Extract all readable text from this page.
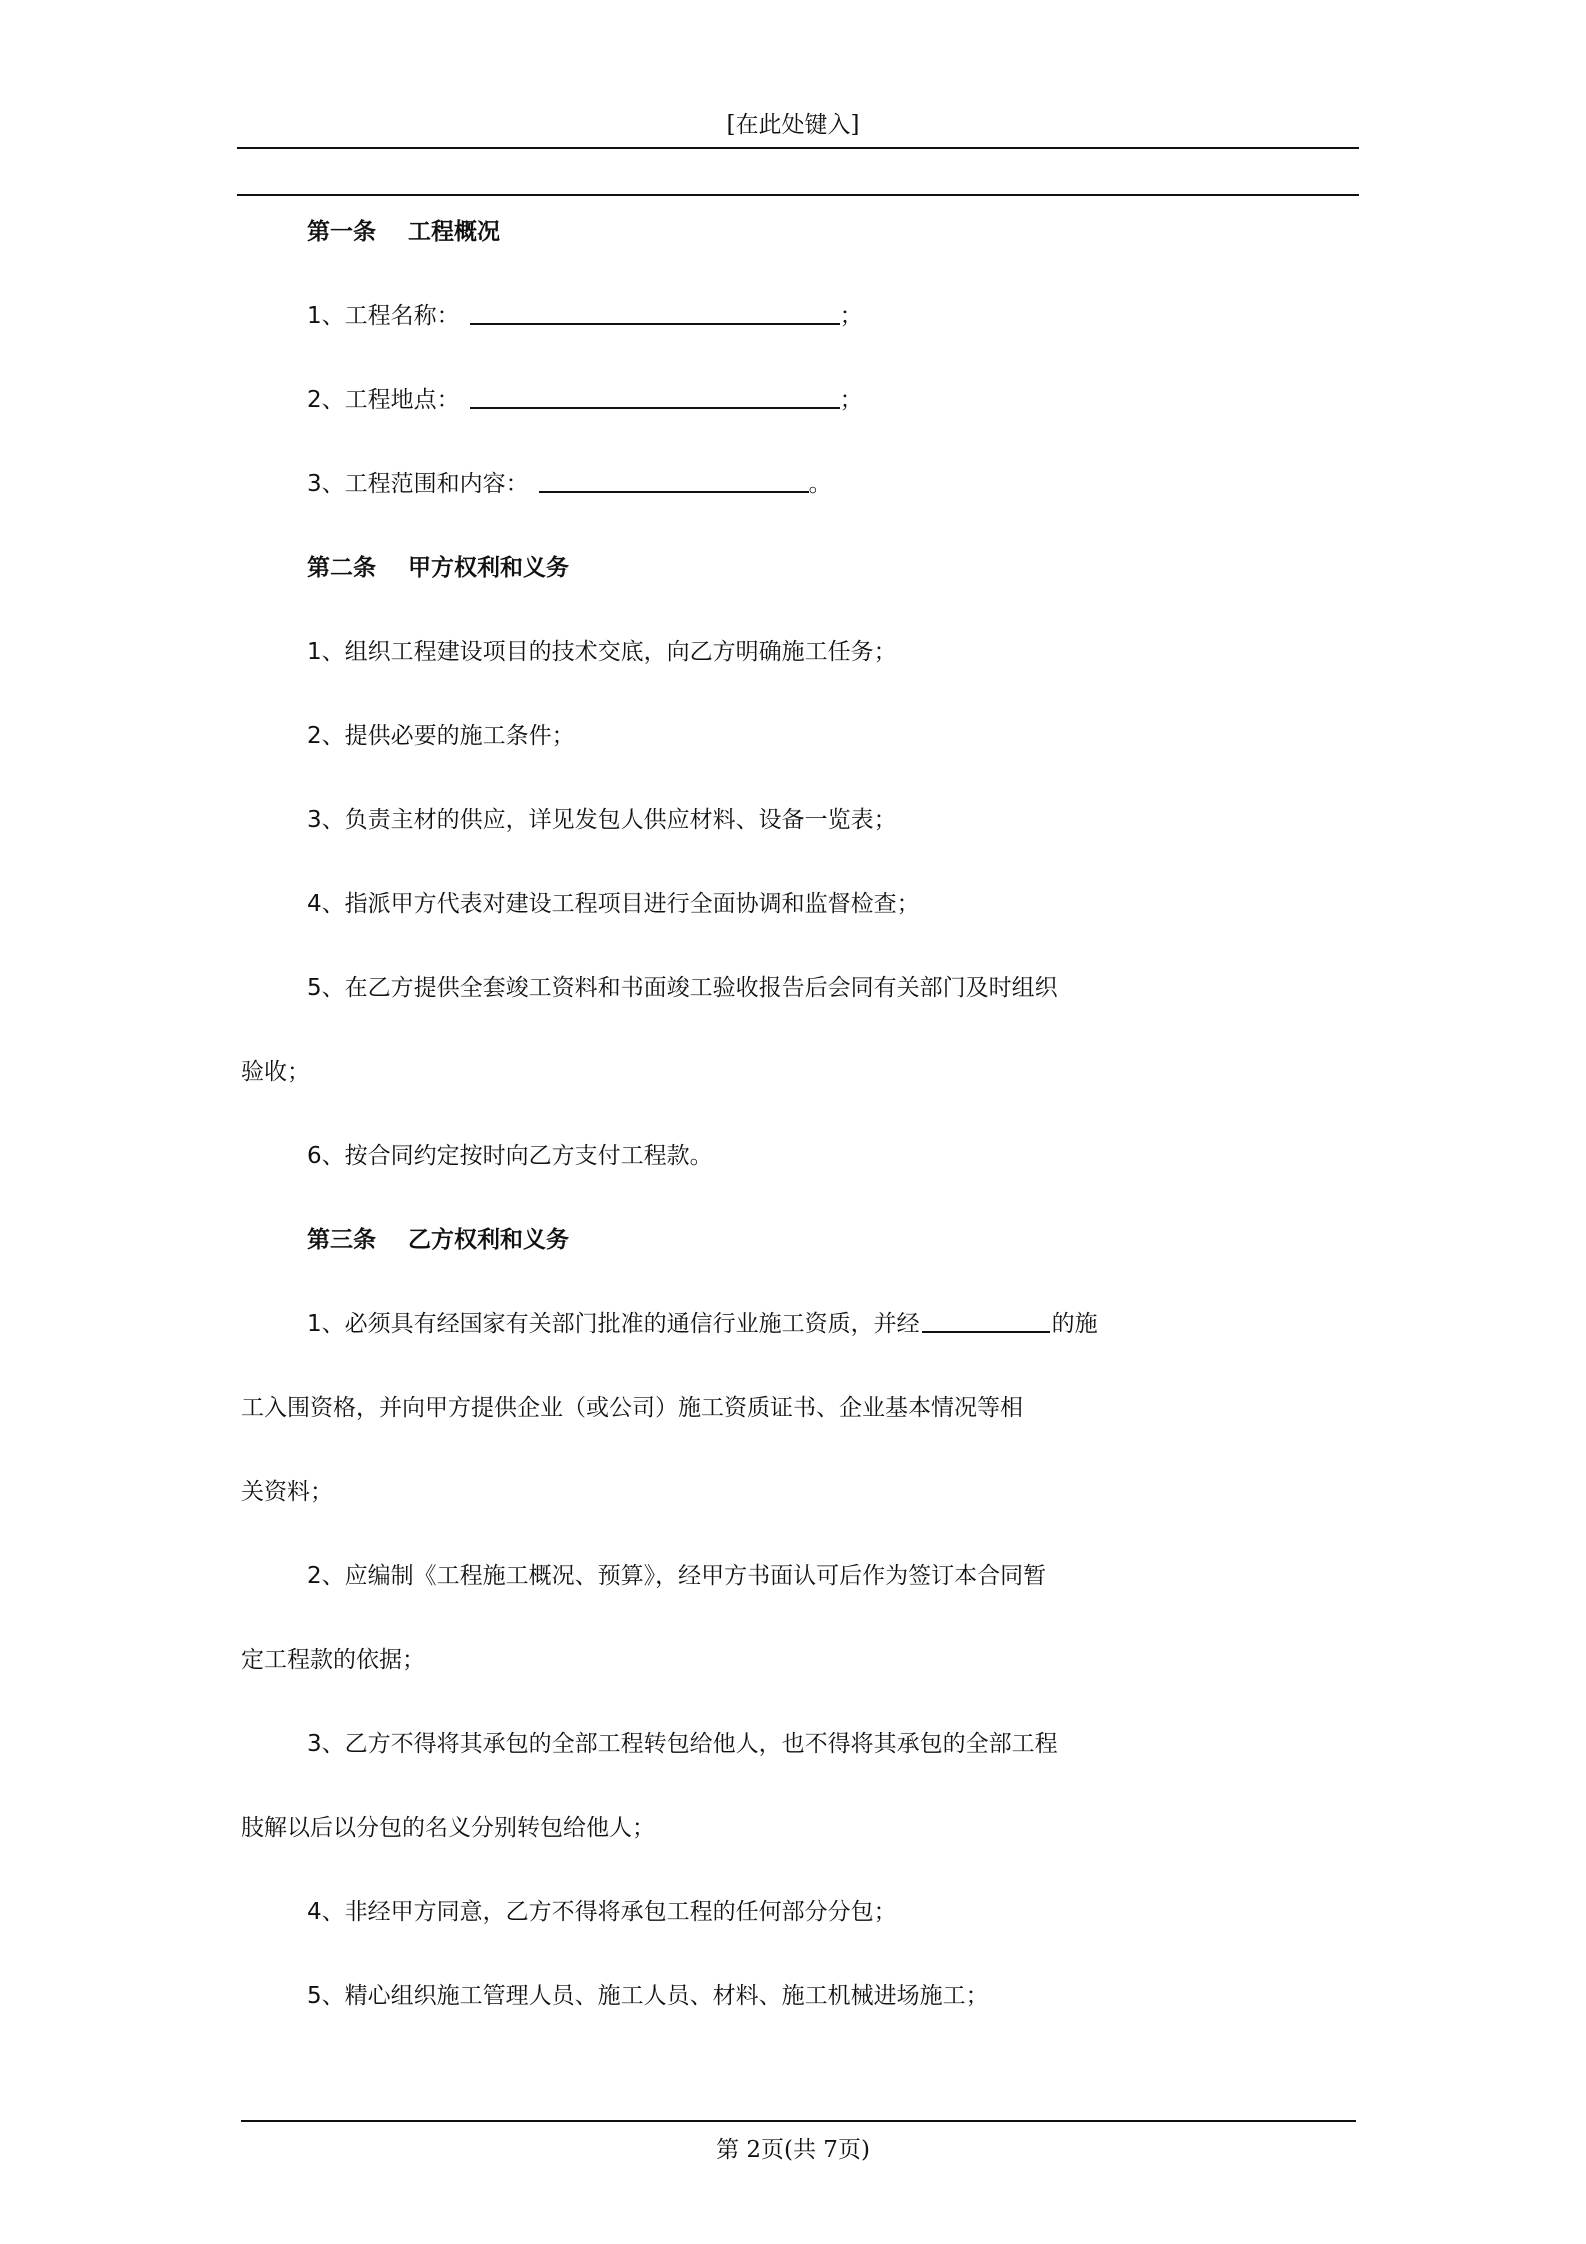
[在此处键入]
第一条 工程概况
1、工程名称：	；
2、工程地点：	；
3、工程范围和内容：	。
第二条 甲方权利和义务
1、组织工程建设项目的技术交底，向乙方明确施工任务；
2、提供必要的施工条件；
3、负责主材的供应，详见发包人供应材料、设备一览表；
4、指派甲方代表对建设工程项目进行全面协调和监督检查；
5、在乙方提供全套竣工资料和书面竣工验收报告后会同有关部门及时组织
验收；
6、按合同约定按时向乙方支付工程款。
第三条 乙方权利和义务
1、必须具有经国家有关部门批准的通信行业施工资质，并经	的施
工入围资格，并向甲方提供企业（或公司）施工资质证书、企业基本情况等相
关资料；
2、应编制《工程施工概况、预算》，经甲方书面认可后作为签订本合同暂
定工程款的依据；
3、乙方不得将其承包的全部工程转包给他人，也不得将其承包的全部工程
肢解以后以分包的名义分别转包给他人；
4、非经甲方同意，乙方不得将承包工程的任何部分分包；
5、精心组织施工管理人员、施工人员、材料、施工机械进场施工；
第 2页(共 7页)
